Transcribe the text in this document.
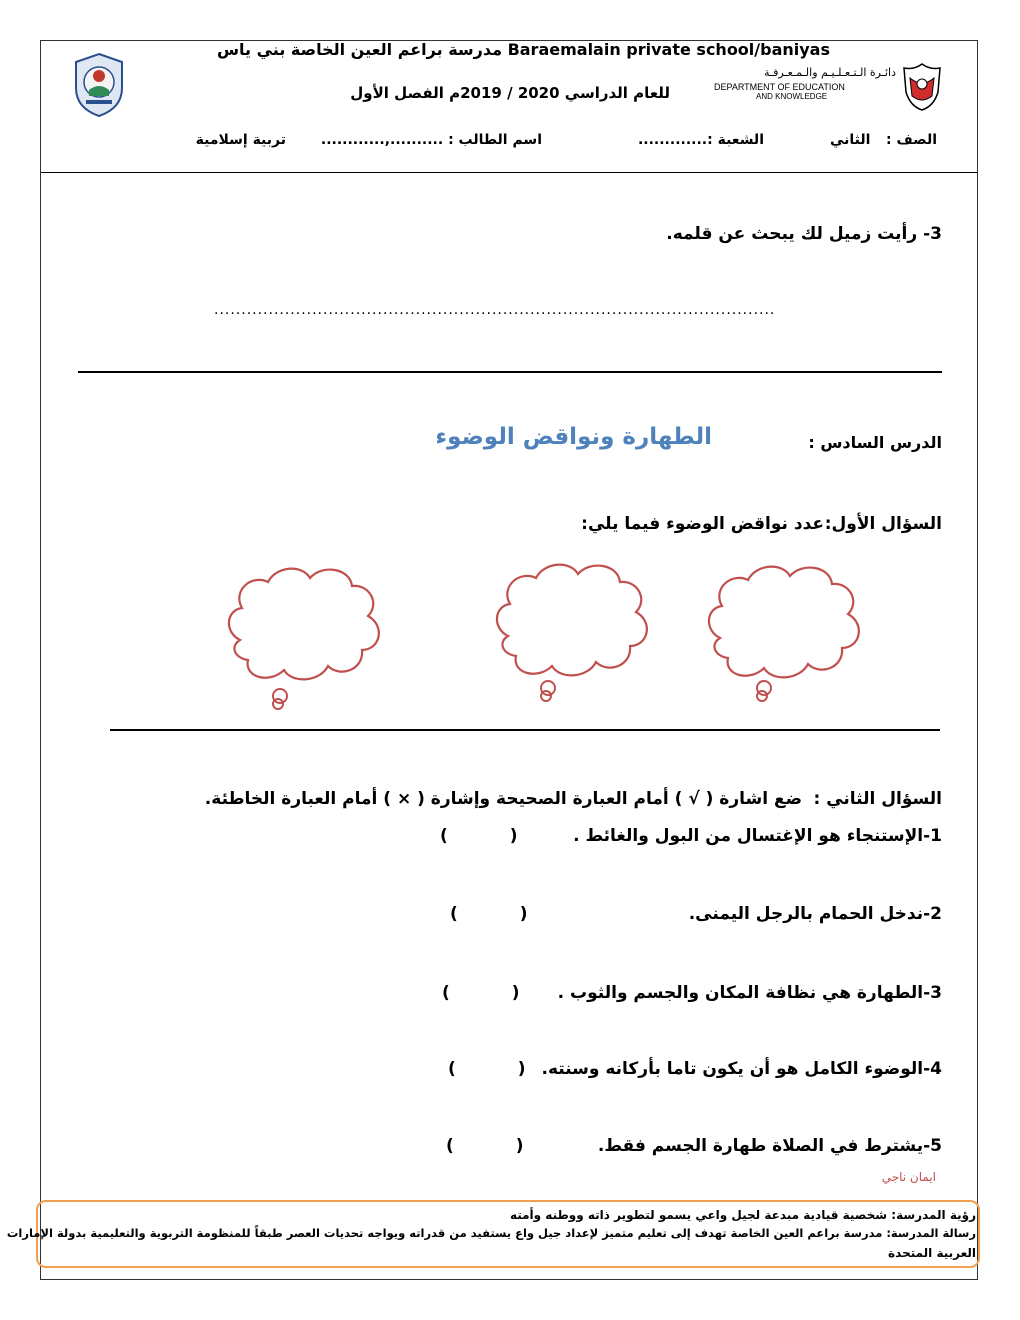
Baraemalain private school/baniyas مدرسة براعم العين الخاصة بني ياس
للعام الدراسي 2020 / 2019م الفصل الأول
دائـرة الـتـعـلـيـم والـمـعـرفـة
DEPARTMENT OF EDUCATION
AND KNOWLEDGE
الصف :
الثاني
الشعبة :.............
اسم الطالب : ..........,............
تربية إسلامية
3- رأيت زميل لك يبحث عن قلمه.
.......................................................................................................
الدرس السادس :
الطهارة ونواقض الوضوء
السؤال الأول:
عدد نواقض الوضوء فيما يلي:
السؤال الثاني :
ضع اشارة ( √ ) أمام العبارة الصحيحة وإشارة ( × ) أمام العبارة الخاطئة.
1-الإستنجاء هو الإغتسال من البول والغائط .
( )
2-ندخل الحمام بالرجل اليمنى.
( )
3-الطهارة هي نظافة المكان والجسم والثوب .
( )
4-الوضوء الكامل هو أن يكون تاما بأركانه وسنته.
( )
5-يشترط في الصلاة طهارة الجسم فقط.
( )
ايمان ناجي
رؤية المدرسة: شخصية قيادية مبدعة لجيل واعي يسمو لتطوير ذاته ووطنه وأمته
رسالة المدرسة: مدرسة براعم العين الخاصة تهدف إلى تعليم متميز لإعداد جيل واع يستفيد من قدراته ويواجه تحديات العصر طبقاً للمنظومة التربوية والتعليمية بدولة الإمارات
العربية المتحدة
